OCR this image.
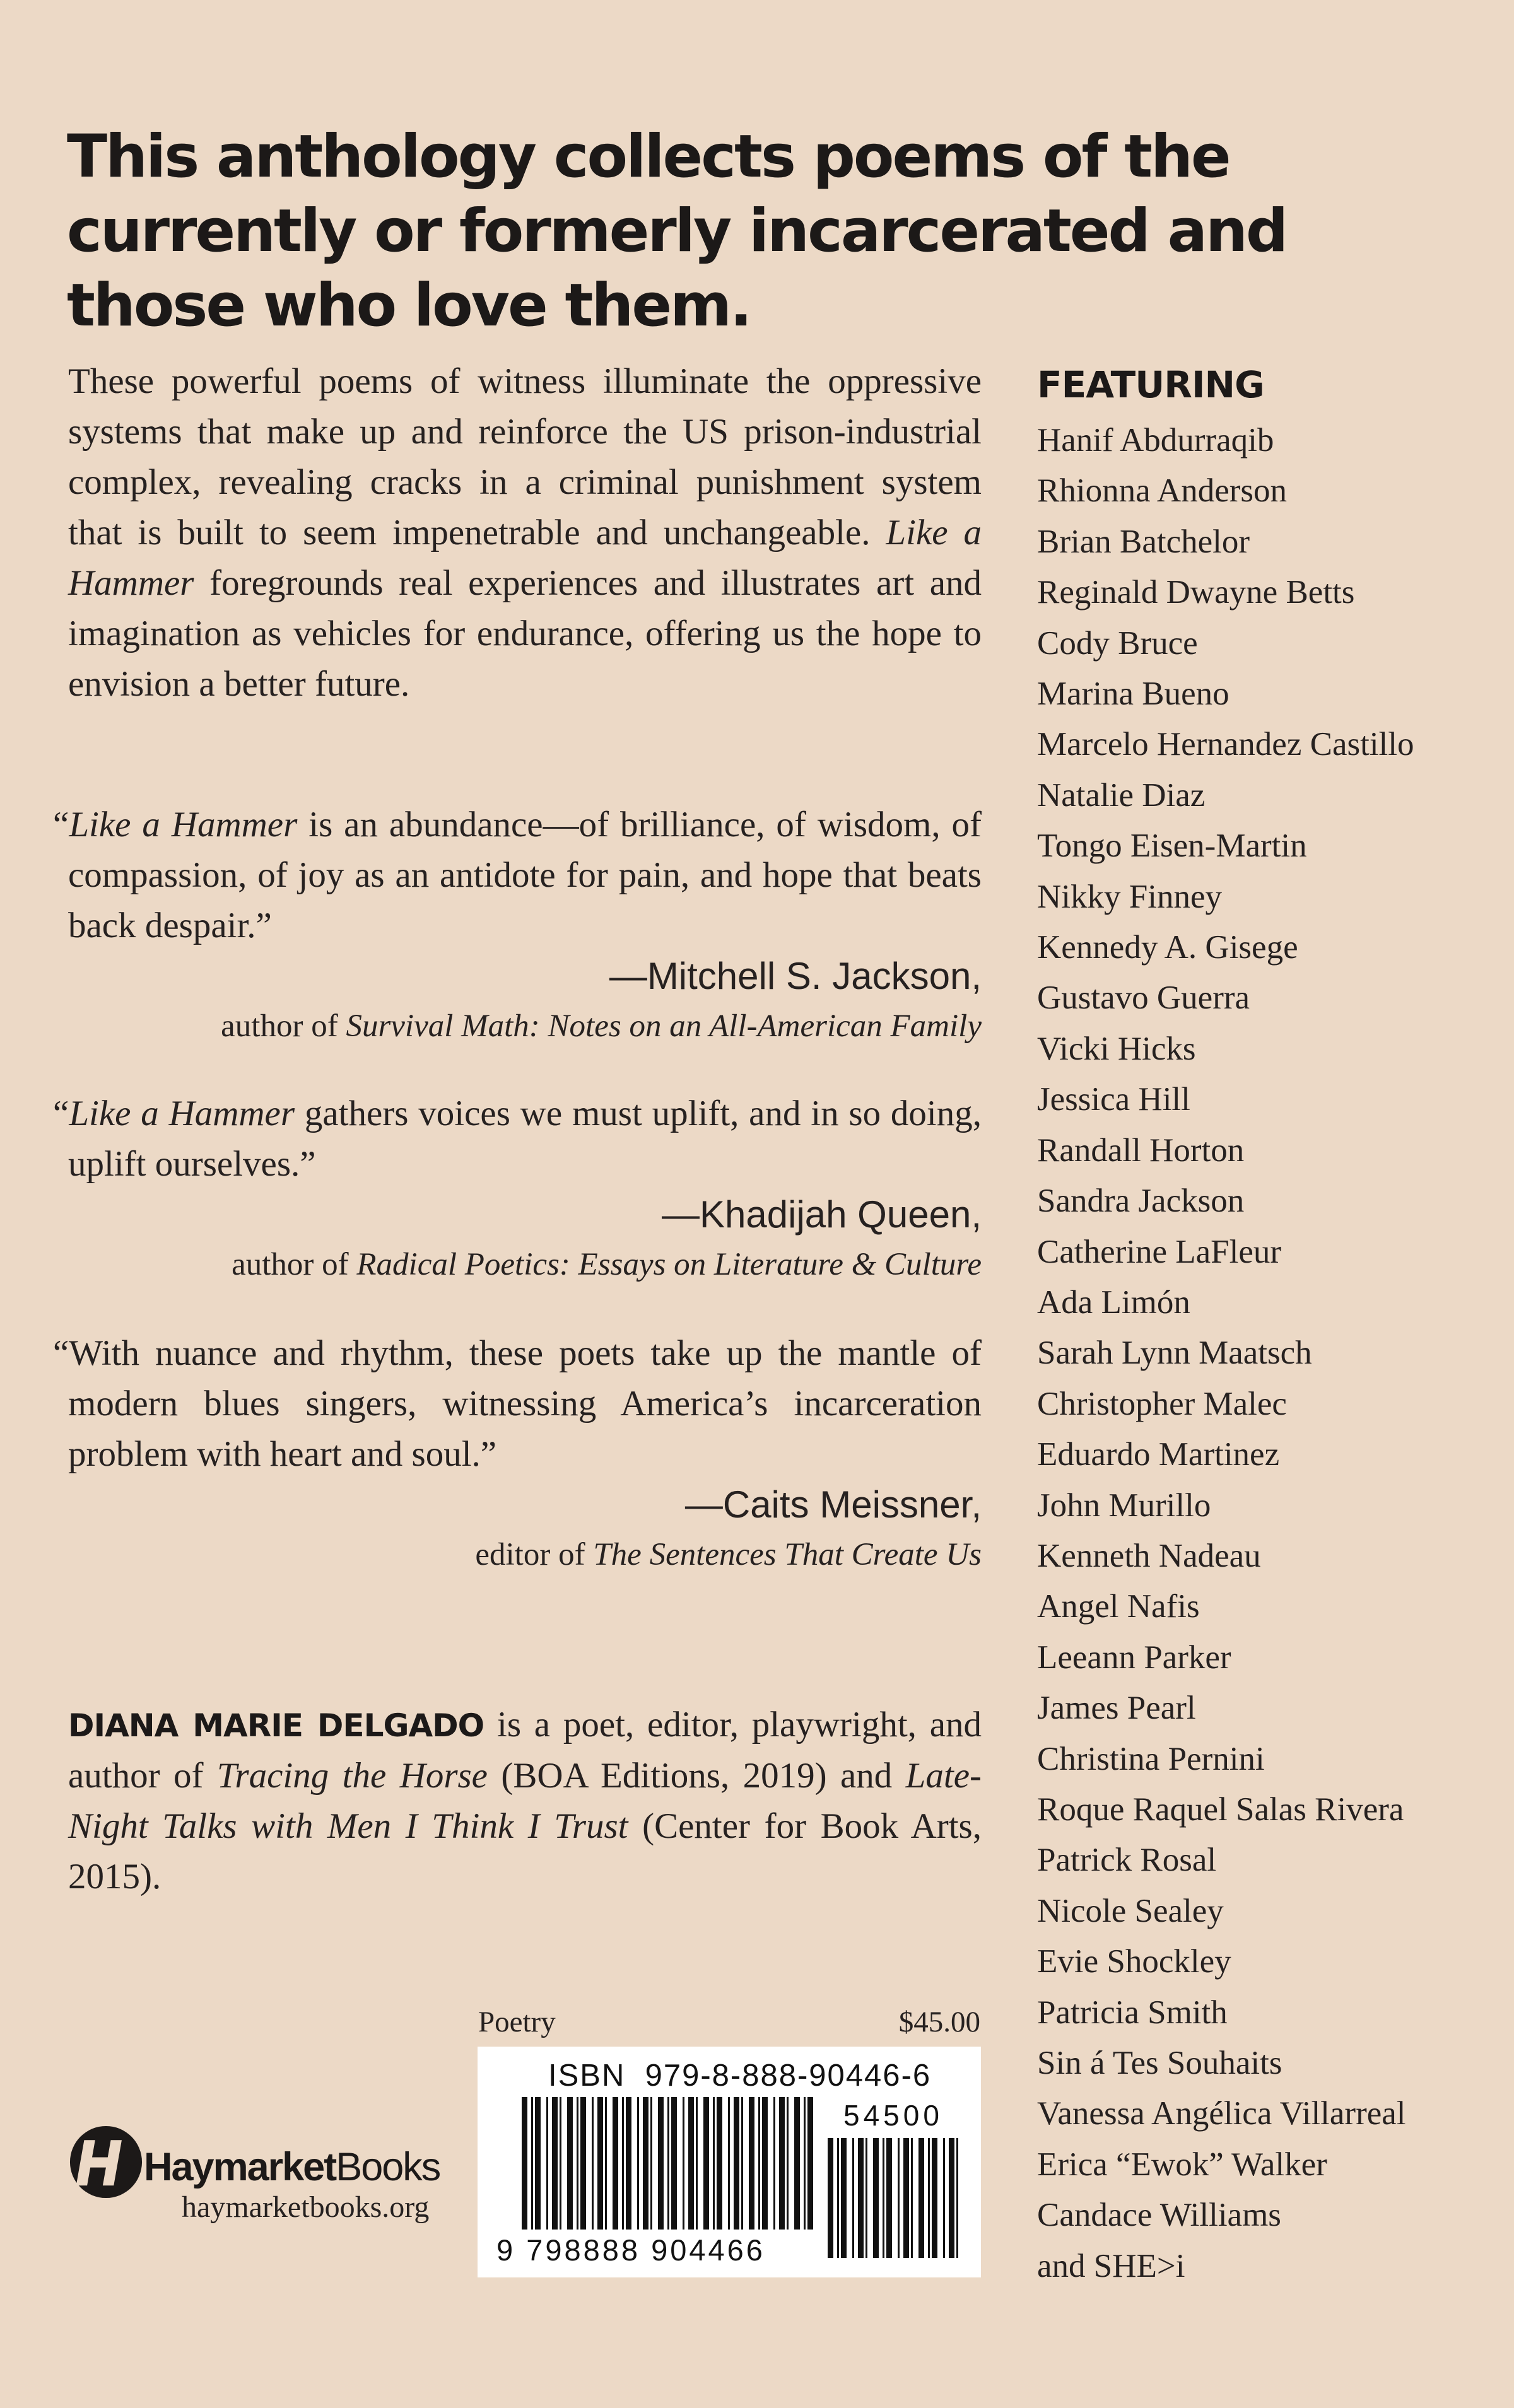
This anthology collects poems of the currently or formerly incarcerated and those who love them.
These powerful poems of witness illuminate the oppressive systems that make up and reinforce the US prison-industrial complex, revealing cracks in a criminal punishment system that is built to seem impenetrable and unchangeable. Like a Hammer foregrounds real experiences and illustrates art and imagination as vehicles for endurance, offering us the hope to envision a better future.
“Like a Hammer is an abundance—of brilliance, of wisdom, of compassion, of joy as an antidote for pain, and hope that beats back despair.”
—Mitchell S. Jackson,
author of Survival Math: Notes on an All-American Family
“Like a Hammer gathers voices we must uplift, and in so doing, uplift ourselves.”
—Khadijah Queen,
author of Radical Poetics: Essays on Literature & Culture
“With nuance and rhythm, these poets take up the mantle of modern blues singers, witnessing America’s incarceration problem with heart and soul.”
—Caits Meissner,
editor of The Sentences That Create Us
DIANA MARIE DELGADO is a poet, editor, playwright, and author of Tracing the Horse (BOA Editions, 2019) and Late-Night Talks with Men I Think I Trust (Center for Book Arts, 2015).
FEATURING
Hanif Abdurraqib
Rhionna Anderson
Brian Batchelor
Reginald Dwayne Betts
Cody Bruce
Marina Bueno
Marcelo Hernandez Castillo
Natalie Diaz
Tongo Eisen-Martin
Nikky Finney
Kennedy A. Gisege
Gustavo Guerra
Vicki Hicks
Jessica Hill
Randall Horton
Sandra Jackson
Catherine LaFleur
Ada Limón
Sarah Lynn Maatsch
Christopher Malec
Eduardo Martinez
John Murillo
Kenneth Nadeau
Angel Nafis
Leeann Parker
James Pearl
Christina Pernini
Roque Raquel Salas Rivera
Patrick Rosal
Nicole Sealey
Evie Shockley
Patricia Smith
Sin á Tes Souhaits
Vanessa Angélica Villarreal
Erica “Ewok” Walker
Candace Williams
and SHE>i
Poetry	$45.00
ISBN  979-8-888-90446-6
54500
9 798888 904466
HaymarketBooks
haymarketbooks.org
